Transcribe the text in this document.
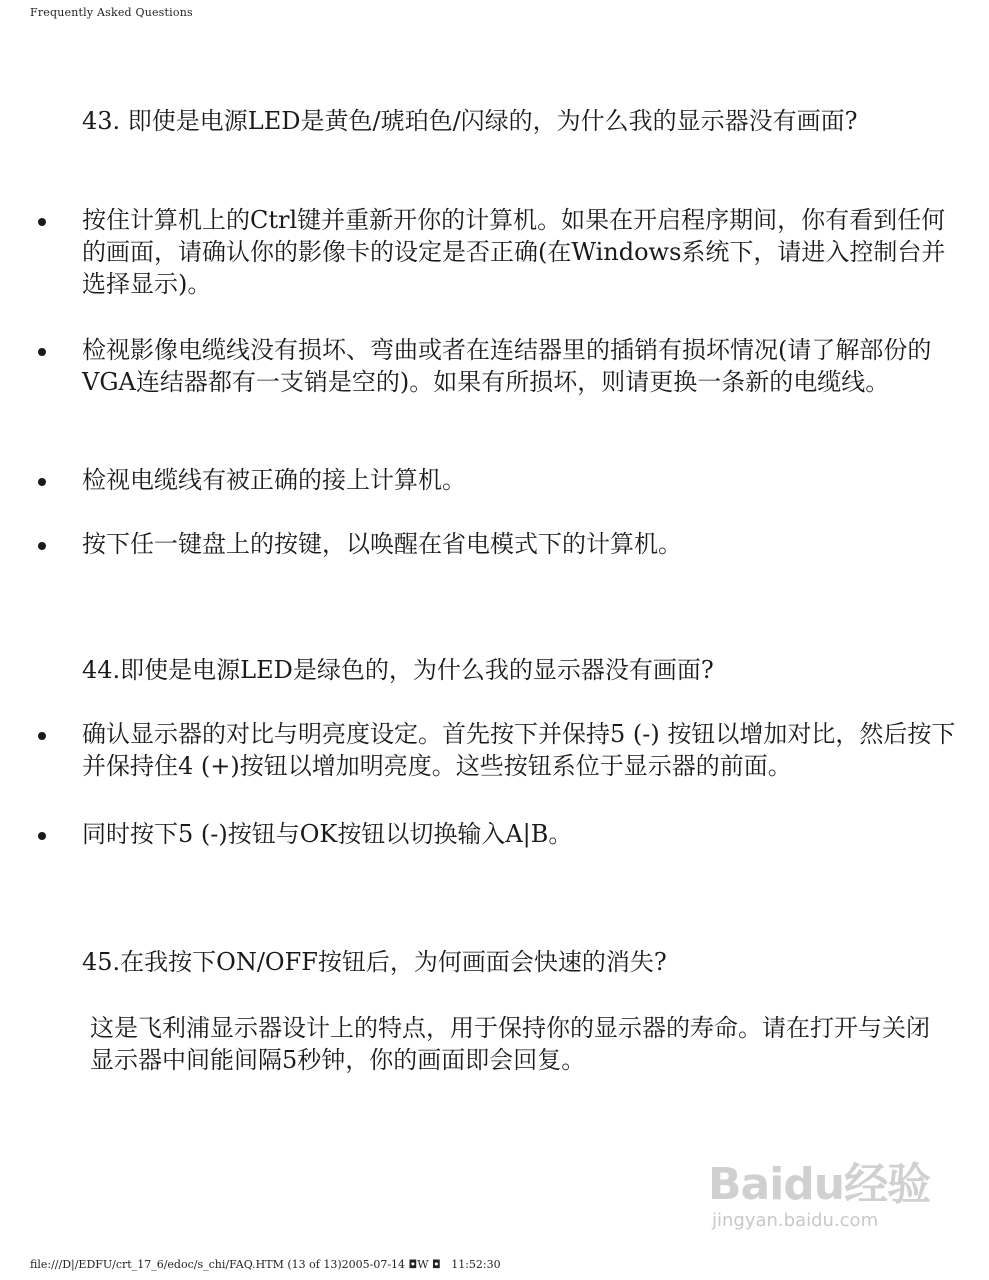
Frequently Asked Questions
43. 即使是电源LED是黄色/琥珀色/闪绿的，为什么我的显示器没有画面?
按住计算机上的Ctrl键并重新开你的计算机。如果在开启程序期间，你有看到任何的画面，请确认你的影像卡的设定是否正确(在Windows系统下，请进入控制台并选择显示)。
检视影像电缆线没有损坏、弯曲或者在连结器里的插销有损坏情况(请了解部份的VGA连结器都有一支销是空的)。如果有所损坏，则请更换一条新的电缆线。
检视电缆线有被正确的接上计算机。
按下任一键盘上的按键，以唤醒在省电模式下的计算机。
44.即使是电源LED是绿色的，为什么我的显示器没有画面?
确认显示器的对比与明亮度设定。首先按下并保持5 (-) 按钮以增加对比，然后按下并保持住4 (+)按钮以增加明亮度。这些按钮系位于显示器的前面。
同时按下5 (-)按钮与OK按钮以切换输入A|B。
45.在我按下ON/OFF按钮后，为何画面会快速的消失?
这是飞利浦显示器设计上的特点，用于保持你的显示器的寿命。请在打开与关闭显示器中间能间隔5秒钟，你的画面即会回复。
Baidu经验
jingyan.baidu.com
file:///D|/EDFU/crt_17_6/edoc/s_chi/FAQ.HTM (13 of 13)2005-07-14 ◘W ◘   11:52:30
